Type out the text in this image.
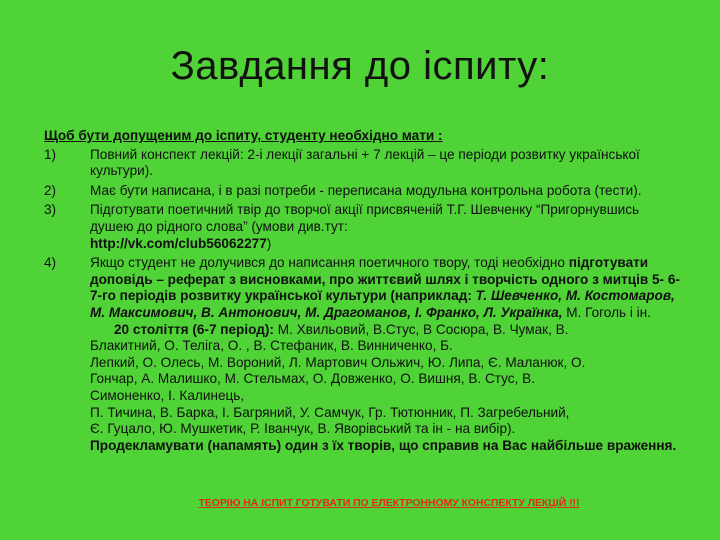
Завдання до іспиту:
Щоб бути допущеним до іспиту, студенту необхідно мати :
1)	Повний конспект лекцій: 2-і лекції загальні + 7 лекцій – це періоди розвитку української культури).
2)	Має бути написана, і в разі потреби - переписана модульна контрольна робота (тести).
3)	Підготувати поетичний твір до творчої акції присвяченій Т.Г. Шевченку “Пригорнувшись душею до рідного слова” (умови див.тут:
http://vk.com/club56062277)
4)	Якщо студент не долучився до написання поетичного твору, тоді необхідно підготувати доповідь – реферат з висновками, про життєвий шлях і творчість одного з митців 5- 6- 7-го періодів розвитку української культури (наприклад: Т. Шевченко, М. Костомаров, М. Максимович, В. Антонович, М. Драгоманов, І. Франко, Л. Українка, М. Гоголь і ін.
20 століття (6-7 період): М. Хвильовий, В.Стус, В Сосюра, В. Чумак, В.
Блакитний, О. Теліга, О. , В. Стефаник, В. Винниченко, Б.
Лепкий, О. Олесь, М. Вороний, Л. Мартович Ольжич, Ю. Липа, Є. Маланюк, О.
Гончар, А. Малишко, М. Стельмах, О. Довженко, О. Вишня, В. Стус, В.
Симоненко, І. Калинець,
П. Тичина, В. Барка, І. Багряний, У. Самчук, Гр. Тютюнник, П. Загребельний,
Є. Гуцало, Ю. Мушкетик, Р. Іванчук, В. Яворівський та ін - на вибір).
Продекламувати (напамять) один з їх творів, що справив на Вас найбільше враження.
ТЕОРІЮ НА ІСПИТ ГОТУВАТИ ПО ЕЛЕКТРОННОМУ КОНСПЕКТУ ЛЕКЦІЙ !!!
